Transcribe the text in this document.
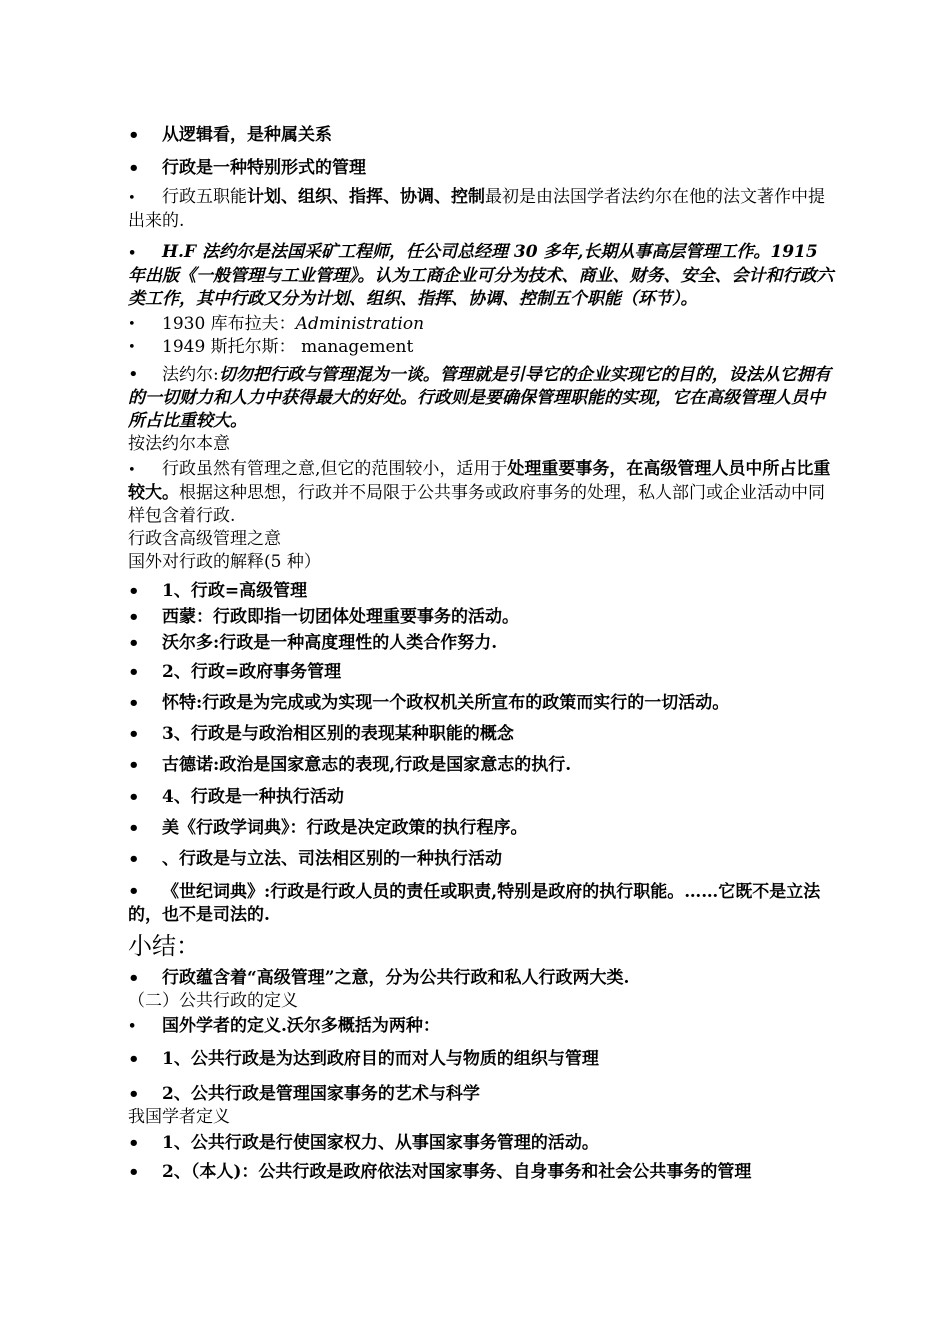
•	从逻辑看，是种属关系
•	行政是一种特别形式的管理
• 行政五职能计划、组织、指挥、协调、控制最初是由法国学者法约尔在他的法文著作中提出来的.
• H.F 法约尔是法国采矿工程师，任公司总经理 30 多年,长期从事高层管理工作。1915 年出版《一般管理与工业管理》。认为工商企业可分为技术、商业、财务、安全、会计和行政六类工作，其中行政又分为计划、组织、指挥、协调、控制五个职能（环节）。
•	1930 库布拉夫：Administration
•	1949 斯托尔斯： management
• 法约尔:切勿把行政与管理混为一谈。管理就是引导它的企业实现它的目的，设法从它拥有的一切财力和人力中获得最大的好处。行政则是要确保管理职能的实现，它在高级管理人员中所占比重较大。
按法约尔本意
• 行政虽然有管理之意,但它的范围较小，适用于处理重要事务，在高级管理人员中所占比重较大。根据这种思想，行政并不局限于公共事务或政府事务的处理，私人部门或企业活动中同样包含着行政.
行政含高级管理之意
国外对行政的解释(5 种）
•	1、行政=高级管理
•	西蒙：行政即指一切团体处理重要事务的活动。
•	沃尔多:行政是一种高度理性的人类合作努力.
•	2、行政=政府事务管理
•	怀特:行政是为完成或为实现一个政权机关所宣布的政策而实行的一切活动。
•	3、行政是与政治相区别的表现某种职能的概念
•	古德诺:政治是国家意志的表现,行政是国家意志的执行.
•	4、行政是一种执行活动
•	美《行政学词典》：行政是决定政策的执行程序。
•	、行政是与立法、司法相区别的一种执行活动
• 《世纪词典》:行政是行政人员的责任或职责,特别是政府的执行职能。……它既不是立法的，也不是司法的.
小结：
•	行政蕴含着“高级管理”之意，分为公共行政和私人行政两大类.
（二）公共行政的定义
•	国外学者的定义.沃尔多概括为两种：
•	1、公共行政是为达到政府目的而对人与物质的组织与管理
•	2、公共行政是管理国家事务的艺术与科学
我国学者定义
•	1、公共行政是行使国家权力、从事国家事务管理的活动。
•	2、（本人)：公共行政是政府依法对国家事务、自身事务和社会公共事务的管理
